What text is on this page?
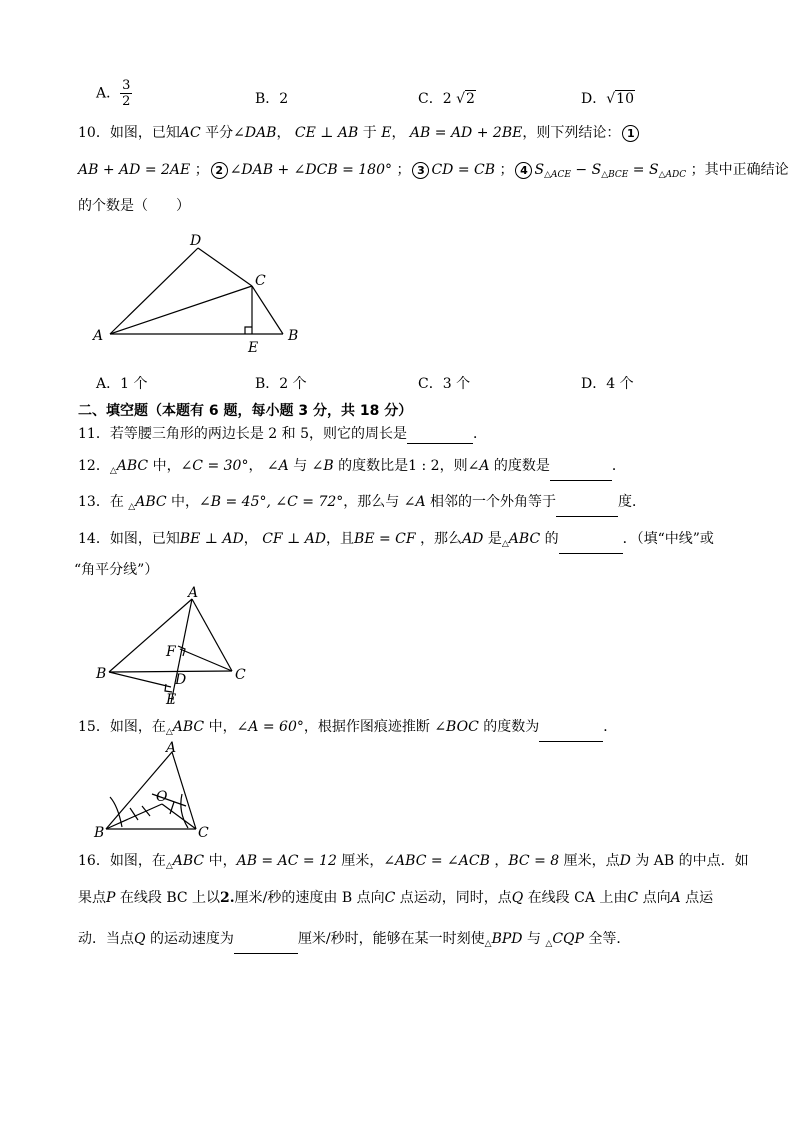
A． $\frac{3}{2}$	B．2	C．2 √2	D．√10
10．如图，已知AC 平分∠DAB， CE ⊥ AB 于 E， AB = AD + 2BE，则下列结论： 1
AB + AD = 2AE ； 2 ∠DAB + ∠DCB = 180° ； 3 CD = CB ； 4 $S_{\triangle ACE} - S_{\triangle BCE} = S_{\triangle ADC}$ ；其中正确结论
的个数是（　　）
D
C
A
E
B
A．1 个	B．2 个	C．3 个	D．4 个
二、填空题（本题有 6 题，每小题 3 分，共 18 分）
11．若等腰三角形的两边长是 2 和 5，则它的周长是	．
12．$_\triangle$ABC 中，∠C = 30°， ∠A 与 ∠B 的度数比是1 : 2，则∠A 的度数是	．
13．在 $_\triangle$ABC 中，∠B = 45°, ∠C = 72°，那么与 ∠A 相邻的一个外角等于	度．
14．如图，已知BE ⊥ AD， CF ⊥ AD，且BE = CF ，那么AD 是$_\triangle$ABC 的	．（填“中线”或
“角平分线”）
A
F
B	D	C
E
15．如图，在$_\triangle$ABC 中，∠A = 60°，根据作图痕迹推断 ∠BOC 的度数为	．
A
O
B	C
16．如图，在$_\triangle$ABC 中，AB = AC = 12 厘米，∠ABC = ∠ACB ，BC = 8 厘米，点D 为 AB 的中点．如
果点P 在线段 BC 上以2.厘米/秒的速度由 B 点向C 点运动，同时，点Q 在线段 CA 上由C 点向A 点运
动．当点Q 的运动速度为	厘米/秒时，能够在某一时刻使$_\triangle$BPD 与 $_\triangle$CQP 全等．
